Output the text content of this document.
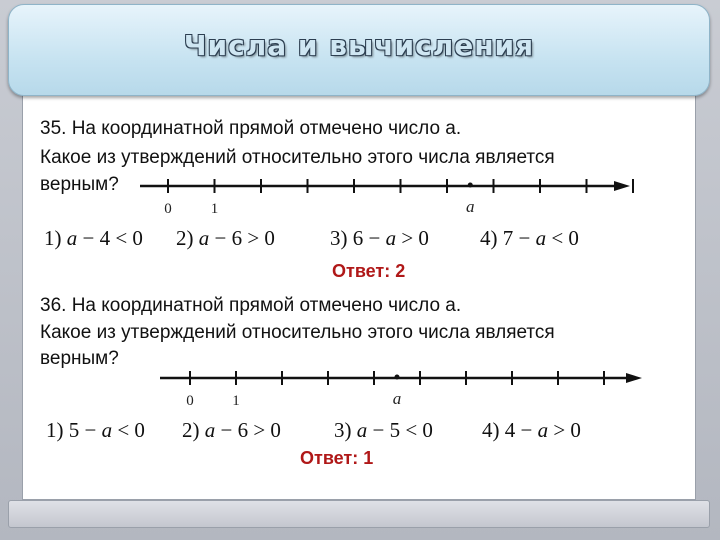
Числа и вычисления
35. На координатной прямой отмечено число а.
Какое из утверждений относительно этого числа является
верным?
0	1	a
1) a − 4 < 0 2) a − 6 > 0	3) 6 − a > 0 4) 7 − a < 0
Ответ: 2
36. На координатной прямой отмечено число а.
Какое из утверждений относительно этого числа является
верным?
0	1	a
1) 5 − a < 0 2) a − 6 > 0	3) a − 5 < 0 4) 4 − a > 0
Ответ: 1
